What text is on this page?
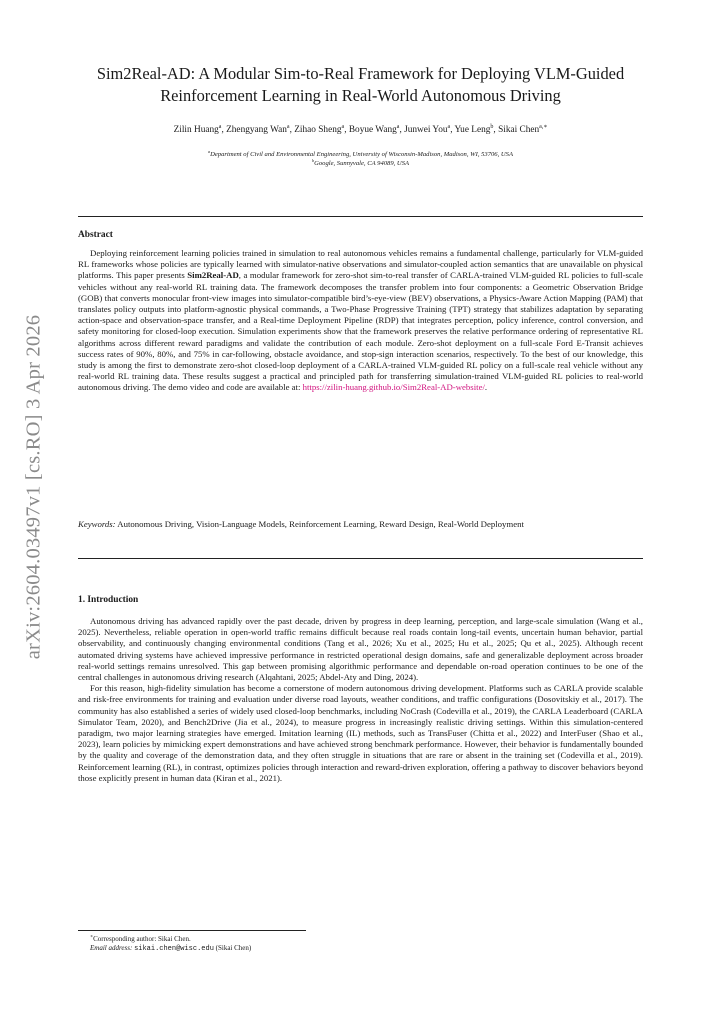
arXiv:2604.03497v1 [cs.RO] 3 Apr 2026
Sim2Real-AD: A Modular Sim-to-Real Framework for Deploying VLM-Guided
Reinforcement Learning in Real-World Autonomous Driving
Zilin Huang$^a$, Zhengyang Wan$^a$, Zihao Sheng$^a$, Boyue Wang$^a$, Junwei You$^a$, Yue Leng$^b$, Sikai Chen$^{a,∗}$
$^a$Department of Civil and Environmental Engineering, University of Wisconsin-Madison, Madison, WI, 53706, USA
$^b$Google, Sunnyvale, CA 94089, USA
Abstract
Deploying reinforcement learning policies trained in simulation to real autonomous vehicles remains a fundamental challenge, particularly for VLM-guided RL frameworks whose policies are typically learned with simulator-native observations and simulator-coupled action semantics that are unavailable on physical platforms. This paper presents Sim2Real-AD, a modular framework for zero-shot sim-to-real transfer of CARLA-trained VLM-guided RL policies to full-scale vehicles without any real-world RL training data. The framework decomposes the transfer problem into four components: a Geometric Observation Bridge (GOB) that converts monocular front-view images into simulator-compatible bird’s-eye-view (BEV) observations, a Physics-Aware Action Mapping (PAM) that translates policy outputs into platform-agnostic physical commands, a Two-Phase Progressive Training (TPT) strategy that stabilizes adaptation by separating action-space and observation-space transfer, and a Real-time Deployment Pipeline (RDP) that integrates perception, policy inference, control conversion, and safety monitoring for closed-loop execution. Simulation experiments show that the framework preserves the relative performance ordering of representative RL algorithms across different reward paradigms and validate the contribution of each module. Zero-shot deployment on a full-scale Ford E-Transit achieves success rates of 90%, 80%, and 75% in car-following, obstacle avoidance, and stop-sign interaction scenarios, respectively. To the best of our knowledge, this study is among the first to demonstrate zero-shot closed-loop deployment of a CARLA-trained VLM-guided RL policy on a full-scale real vehicle without any real-world RL training data. These results suggest a practical and principled path for transferring simulation-trained VLM-guided RL policies to real-world autonomous driving. The demo video and code are available at: https://zilin-huang.github.io/Sim2Real-AD-website/.
Keywords: Autonomous Driving, Vision-Language Models, Reinforcement Learning, Reward Design, Real-World Deployment
1. Introduction

Autonomous driving has advanced rapidly over the past decade, driven by progress in deep learning, perception, and large-scale simulation (Wang et al., 2025). Nevertheless, reliable operation in open-world traffic remains difficult because real roads contain long-tail events, uncertain human behavior, partial observability, and continuously changing environmental conditions (Tang et al., 2026; Xu et al., 2025; Hu et al., 2025; Qu et al., 2025). Although recent automated driving systems have achieved impressive performance in restricted operational design domains, safe and generalizable deployment across broader real-world settings remains unresolved. This gap between promising algorithmic performance and dependable on-road operation continues to be one of the central challenges in autonomous driving research (Alqahtani, 2025; Abdel-Aty and Ding, 2024).

For this reason, high-fidelity simulation has become a cornerstone of modern autonomous driving development. Platforms such as CARLA provide scalable and risk-free environments for training and evaluation under diverse road layouts, weather conditions, and traffic configurations (Dosovitskiy et al., 2017). The community has also established a series of widely used closed-loop benchmarks, including NoCrash (Codevilla et al., 2019), the CARLA Leaderboard (CARLA Simulator Team, 2020), and Bench2Drive (Jia et al., 2024), to measure progress in increasingly realistic driving settings. Within this simulation-centered paradigm, two major learning strategies have emerged. Imitation learning (IL) methods, such as TransFuser (Chitta et al., 2022) and InterFuser (Shao et al., 2023), learn policies by mimicking expert demonstrations and have achieved strong benchmark performance. However, their behavior is fundamentally bounded by the quality and coverage of the demonstration data, and they often struggle in situations that are rare or absent in the training set (Codevilla et al., 2019). Reinforcement learning (RL), in contrast, optimizes policies through interaction and reward-driven exploration, offering a pathway to discover behaviors beyond those explicitly present in human data (Kiran et al., 2021).

∗Corresponding author: Sikai Chen.
Email address: sikai.chen@wisc.edu (Sikai Chen)
